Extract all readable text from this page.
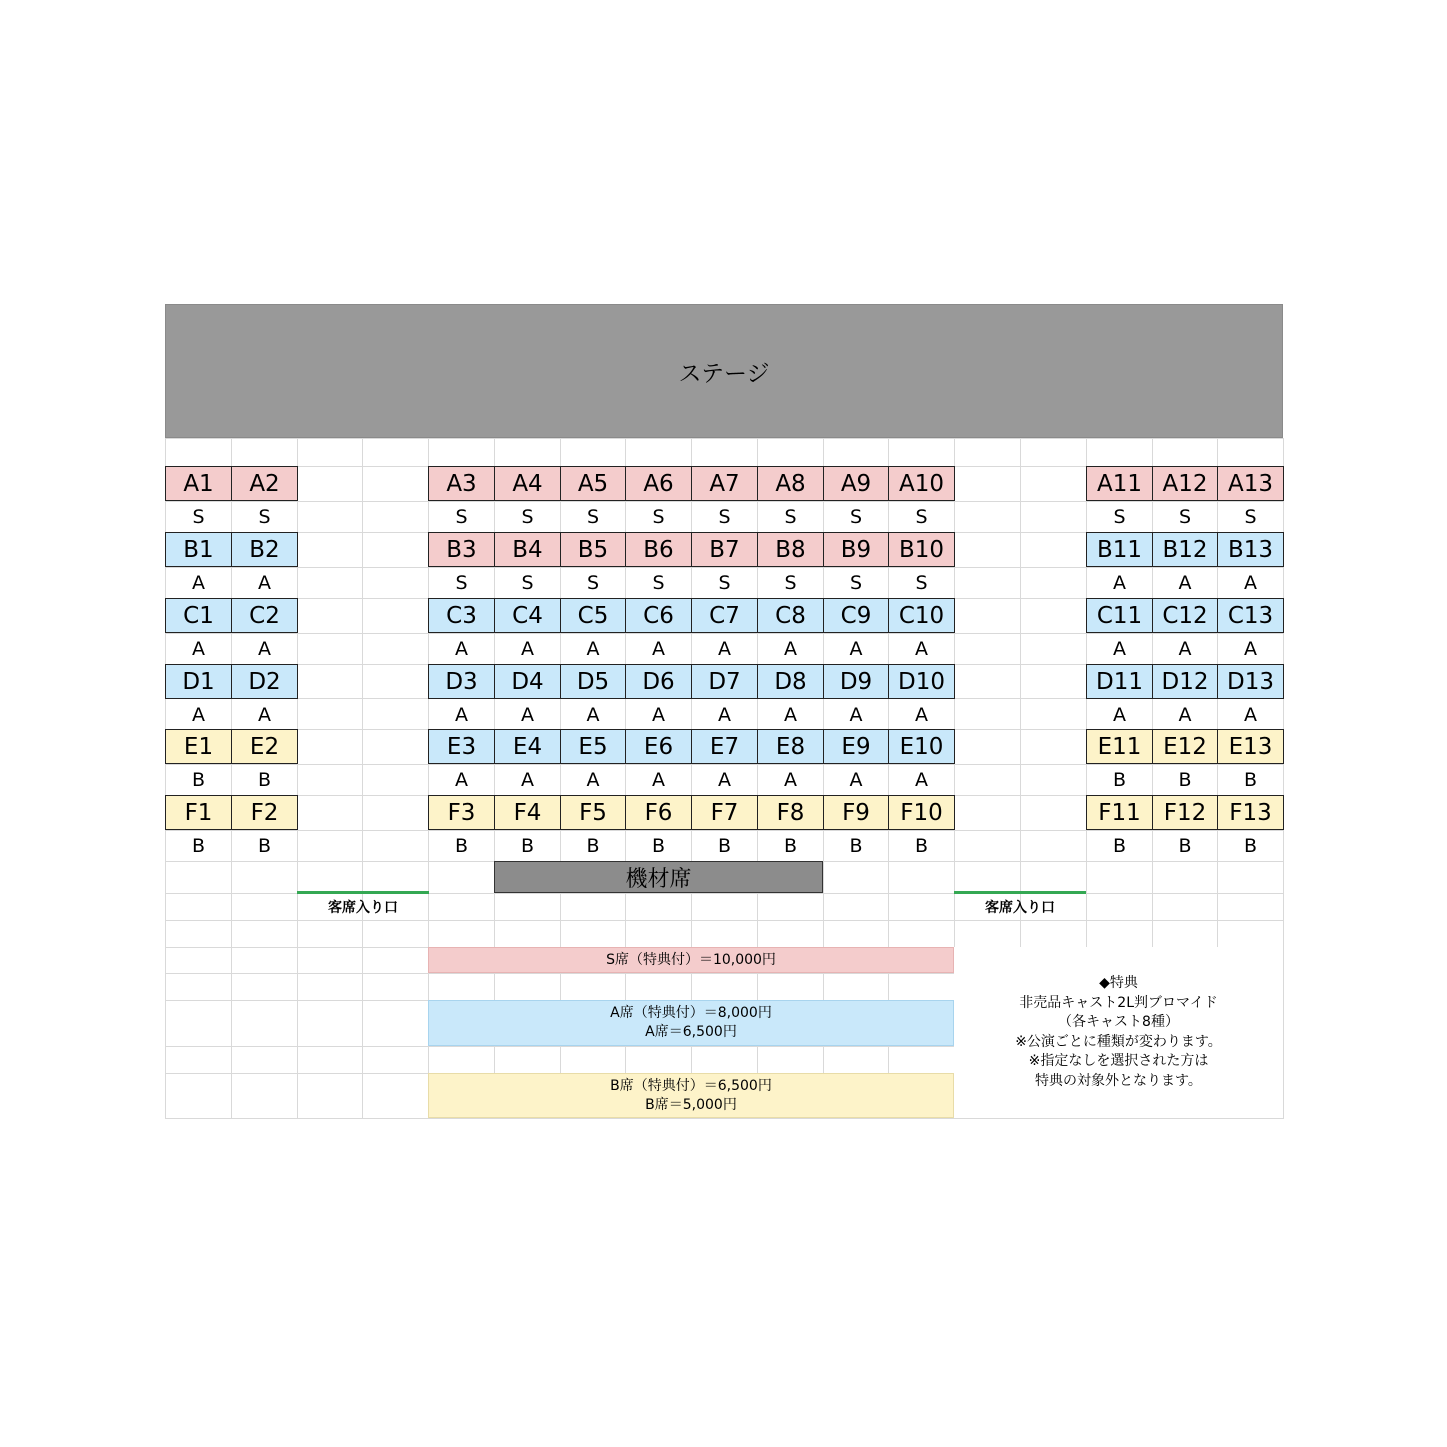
ステージ
A1
S
A2
S
A3
S
A4
S
A5
S
A6
S
A7
S
A8
S
A9
S
A10
S
A11
S
A12
S
A13
S
B1
A
B2
A
B3
S
B4
S
B5
S
B6
S
B7
S
B8
S
B9
S
B10
S
B11
A
B12
A
B13
A
C1
A
C2
A
C3
A
C4
A
C5
A
C6
A
C7
A
C8
A
C9
A
C10
A
C11
A
C12
A
C13
A
D1
A
D2
A
D3
A
D4
A
D5
A
D6
A
D7
A
D8
A
D9
A
D10
A
D11
A
D12
A
D13
A
E1
B
E2
B
E3
A
E4
A
E5
A
E6
A
E7
A
E8
A
E9
A
E10
A
E11
B
E12
B
E13
B
F1
B
F2
B
F3
B
F4
B
F5
B
F6
B
F7
B
F8
B
F9
B
F10
B
F11
B
F12
B
F13
B
機材席
客席入り口	客席入り口
S席（特典付）＝10,000円
A席（特典付）＝8,000円
A席＝6,500円
B席（特典付）＝6,500円
B席＝5,000円
◆特典
非売品キャスト2L判ブロマイド
（各キャスト8種）
※公演ごとに種類が変わります。
※指定なしを選択された方は
特典の対象外となります。
